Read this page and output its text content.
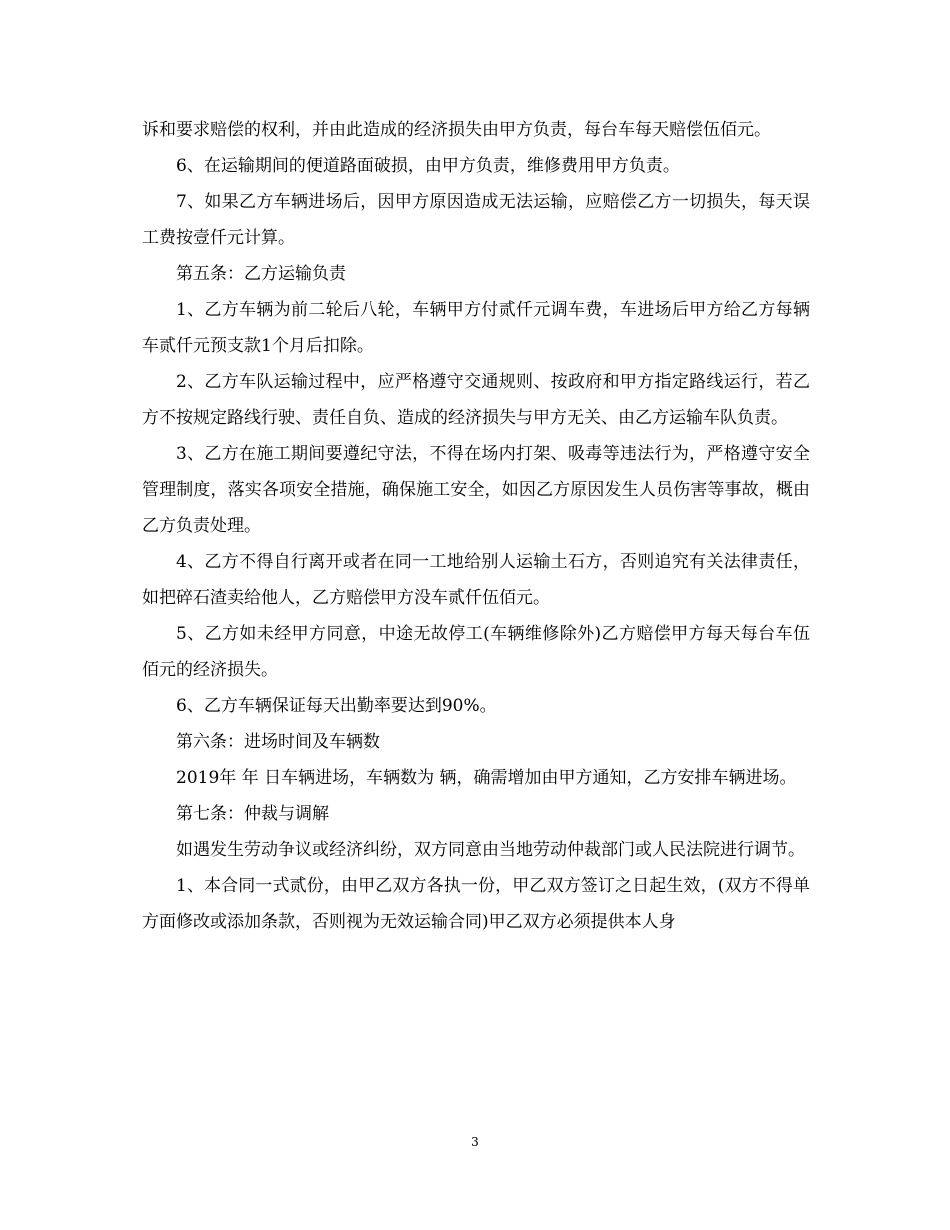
诉和要求赔偿的权利，并由此造成的经济损失由甲方负责，每台车每天赔偿伍佰元。

6、在运输期间的便道路面破损，由甲方负责，维修费用甲方负责。

7、如果乙方车辆进场后，因甲方原因造成无法运输，应赔偿乙方一切损失，每天误工费按壹仟元计算。

第五条：乙方运输负责

1、乙方车辆为前二轮后八轮，车辆甲方付贰仟元调车费，车进场后甲方给乙方每辆车贰仟元预支款1个月后扣除。

2、乙方车队运输过程中，应严格遵守交通规则、按政府和甲方指定路线运行，若乙方不按规定路线行驶、责任自负、造成的经济损失与甲方无关、由乙方运输车队负责。

3、乙方在施工期间要遵纪守法，不得在场内打架、吸毒等违法行为，严格遵守安全管理制度，落实各项安全措施，确保施工安全，如因乙方原因发生人员伤害等事故，概由乙方负责处理。

4、乙方不得自行离开或者在同一工地给别人运输土石方，否则追究有关法律责任，如把碎石渣卖给他人，乙方赔偿甲方没车贰仟伍佰元。

5、乙方如未经甲方同意，中途无故停工(车辆维修除外)乙方赔偿甲方每天每台车伍佰元的经济损失。

6、乙方车辆保证每天出勤率要达到90%。

第六条：进场时间及车辆数

2019年 年 日车辆进场，车辆数为 辆，确需增加由甲方通知，乙方安排车辆进场。

第七条：仲裁与调解

如遇发生劳动争议或经济纠纷，双方同意由当地劳动仲裁部门或人民法院进行调节。

1、本合同一式贰份，由甲乙双方各执一份，甲乙双方签订之日起生效，(双方不得单方面修改或添加条款，否则视为无效运输合同)甲乙双方必须提供本人身

3
